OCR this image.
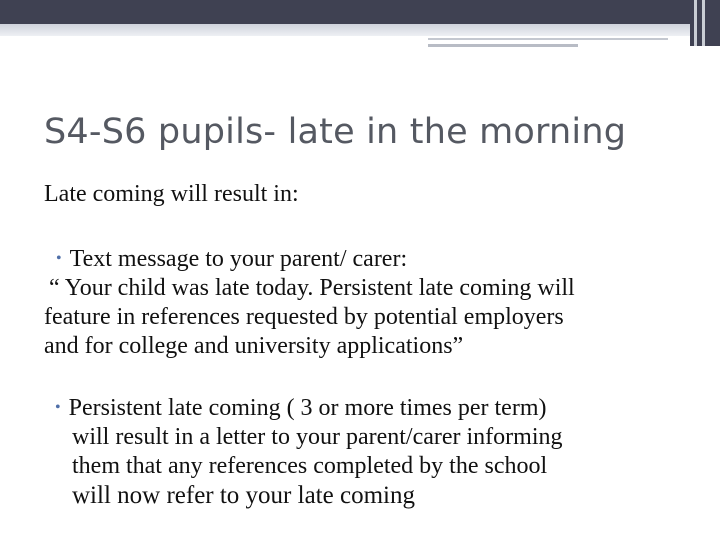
S4-S6 pupils- late in the morning

Late coming will result in:

• Text message to your parent/ carer:
“ Your child was late today. Persistent late coming will
feature in references requested by potential employers
and for college and university applications”
• Persistent late coming ( 3 or more times per term)
will result in a letter to your parent/carer informing
them that any references completed by the school
will now refer to your late coming
